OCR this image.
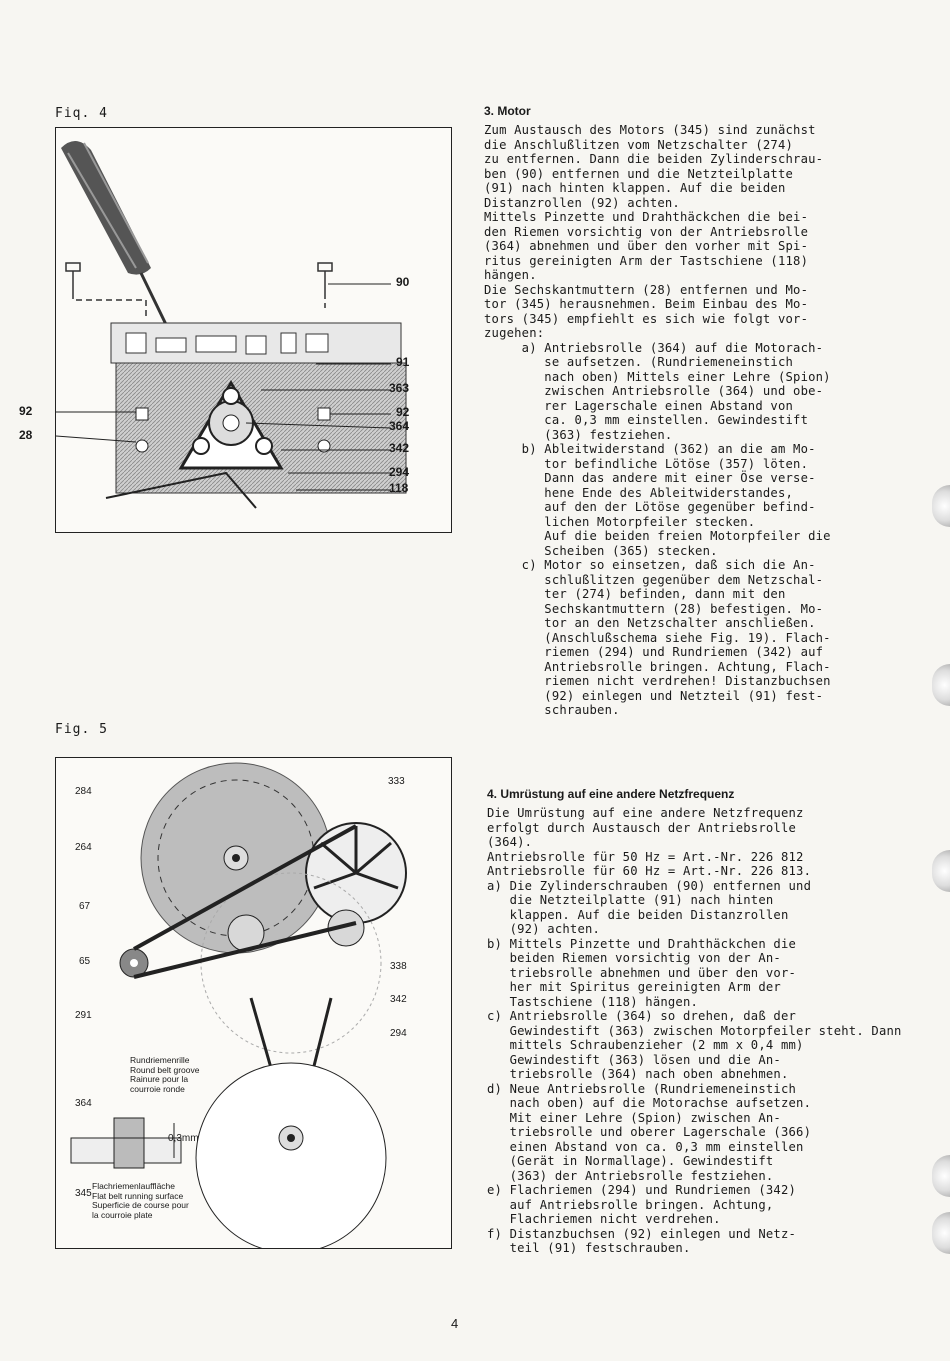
Fiq. 4
90
91
363
92
364
342
294
118
92
28
3. Motor
Zum Austausch des Motors (345) sind zunächst
die Anschlußlitzen vom Netzschalter (274)
zu entfernen. Dann die beiden Zylinderschrau-
ben (90) entfernen und die Netzteilplatte
(91) nach hinten klappen. Auf die beiden
Distanzrollen (92) achten.
Mittels Pinzette und Drahthäckchen die bei-
den Riemen vorsichtig von der Antriebsrolle
(364) abnehmen und über den vorher mit Spi-
ritus gereinigten Arm der Tastschiene (118)
hängen.
Die Sechskantmuttern (28) entfernen und Mo-
tor (345) herausnehmen. Beim Einbau des Mo-
tors (345) empfiehlt es sich wie folgt vor-
zugehen:
a) Antriebsrolle (364) auf die Motorach-
se aufsetzen. (Rundriemeneinstich
nach oben) Mittels einer Lehre (Spion)
zwischen Antriebsrolle (364) und obe-
rer Lagerschale einen Abstand von
ca. 0,3 mm einstellen. Gewindestift
(363) festziehen.
b) Ableitwiderstand (362) an die am Mo-
tor befindliche Lötöse (357) löten.
Dann das andere mit einer Öse verse-
hene Ende des Ableitwiderstandes,
auf den der Lötöse gegenüber befind-
lichen Motorpfeiler stecken.
Auf die beiden freien Motorpfeiler die
Scheiben (365) stecken.
c) Motor so einsetzen, daß sich die An-
schlußlitzen gegenüber dem Netzschal-
ter (274) befinden, dann mit den
Sechskantmuttern (28) befestigen. Mo-
tor an den Netzschalter anschließen.
(Anschlußschema siehe Fig. 19). Flach-
riemen (294) und Rundriemen (342) auf
Antriebsrolle bringen. Achtung, Flach-
riemen nicht verdrehen! Distanzbuchsen
(92) einlegen und Netzteil (91) fest-
schrauben.
Fig. 5
284
264
67
65
291
364
345
333
338
342
294
0,3mm
Rundriemenrille
Round belt groove
Rainure pour la
courroie ronde
Flachriemenlauffläche
Flat belt running surface
Superficie de course pour
la courroie plate
4. Umrüstung auf eine andere Netzfrequenz
Die Umrüstung auf eine andere Netzfrequenz
erfolgt durch Austausch der Antriebsrolle
(364).
Antriebsrolle für 50 Hz = Art.-Nr. 226 812
Antriebsrolle für 60 Hz = Art.-Nr. 226 813.
a) Die Zylinderschrauben (90) entfernen und
die Netzteilplatte (91) nach hinten
klappen. Auf die beiden Distanzrollen
(92) achten.
b) Mittels Pinzette und Drahthäckchen die
beiden Riemen vorsichtig von der An-
triebsrolle abnehmen und über den vor-
her mit Spiritus gereinigten Arm der
Tastschiene (118) hängen.
c) Antriebsrolle (364) so drehen, daß der
Gewindestift (363) zwischen Motorpfeiler steht. Dann
mittels Schraubenzieher (2 mm x 0,4 mm)
Gewindestift (363) lösen und die An-
triebsrolle (364) nach oben abnehmen.
d) Neue Antriebsrolle (Rundriemeneinstich
nach oben) auf die Motorachse aufsetzen.
Mit einer Lehre (Spion) zwischen An-
triebsrolle und oberer Lagerschale (366)
einen Abstand von ca. 0,3 mm einstellen
(Gerät in Normallage). Gewindestift
(363) der Antriebsrolle festziehen.
e) Flachriemen (294) und Rundriemen (342)
auf Antriebsrolle bringen. Achtung,
Flachriemen nicht verdrehen.
f) Distanzbuchsen (92) einlegen und Netz-
teil (91) festschrauben.
4
